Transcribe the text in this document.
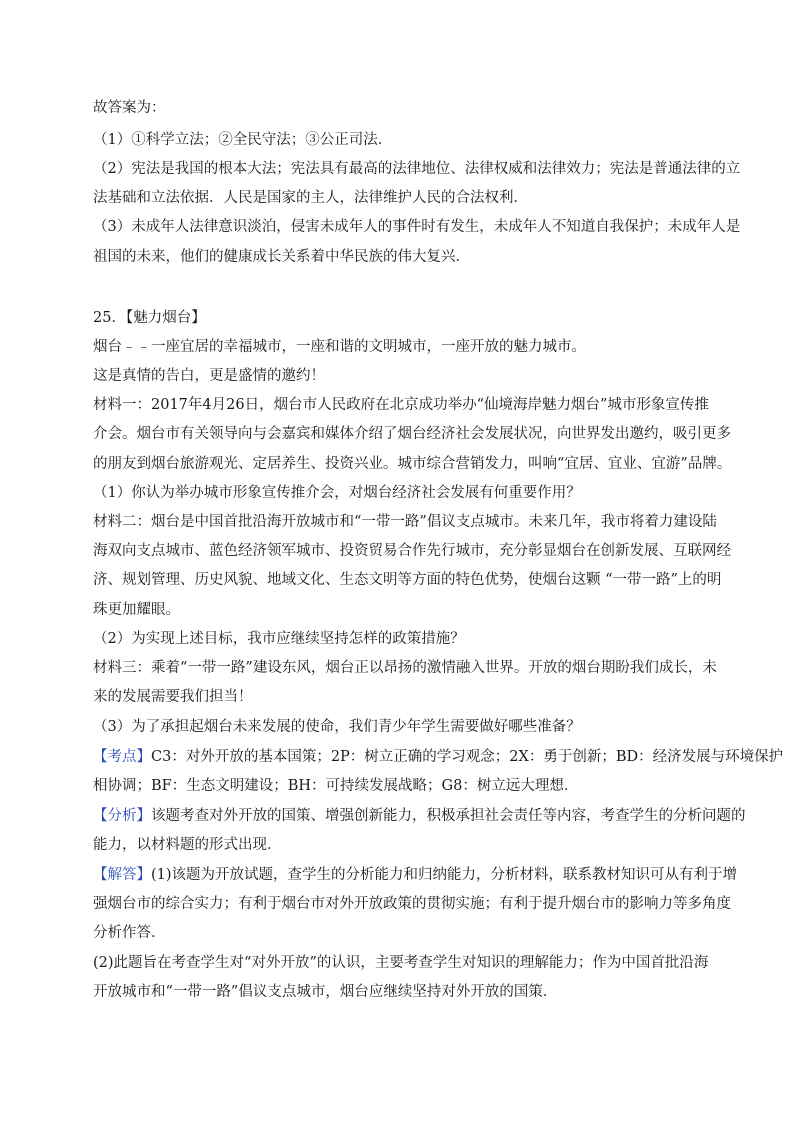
故答案为：
（1）①科学立法；②全民守法；③公正司法．
（2）宪法是我国的根本大法；宪法具有最高的法律地位、法律权威和法律效力；宪法是普通法律的立
法基础和立法依据．人民是国家的主人，法律维护人民的合法权利．
（3）未成年人法律意识淡泊，侵害未成年人的事件时有发生，未成年人不知道自我保护；未成年人是
祖国的未来，他们的健康成长关系着中华民族的伟大复兴．
25．【魅力烟台】
烟台﹣﹣一座宜居的幸福城市，一座和谐的文明城市，一座开放的魅力城市。
这是真情的告白，更是盛情的邀约！
材料一：2017年4月26日，烟台市人民政府在北京成功举办“仙境海岸魅力烟台”城市形象宣传推
介会。烟台市有关领导向与会嘉宾和媒体介绍了烟台经济社会发展状况，向世界发出邀约，吸引更多
的朋友到烟台旅游观光、定居养生、投资兴业。城市综合营销发力，叫响“宜居、宜业、宜游”品牌。
（1）你认为举办城市形象宣传推介会，对烟台经济社会发展有何重要作用？
材料二：烟台是中国首批沿海开放城市和“一带一路”倡议支点城市。未来几年，我市将着力建设陆
海双向支点城市、蓝色经济领军城市、投资贸易合作先行城市，充分彰显烟台在创新发展、互联网经
济、规划管理、历史风貌、地域文化、生态文明等方面的特色优势，使烟台这颗 “一带一路”上的明
珠更加耀眼。
（2）为实现上述目标，我市应继续坚持怎样的政策措施？
材料三：乘着“一带一路”建设东风，烟台正以昂扬的激情融入世界。开放的烟台期盼我们成长，未
来的发展需要我们担当！
（3）为了承担起烟台未来发展的使命，我们青少年学生需要做好哪些准备？
【考点】C3：对外开放的基本国策；2P：树立正确的学习观念；2X：勇于创新；BD：经济发展与环境保护
相协调；BF：生态文明建设；BH：可持续发展战略；G8：树立远大理想．
【分析】该题考查对外开放的国策、增强创新能力，积极承担社会责任等内容，考查学生的分析问题的
能力，以材料题的形式出现．
【解答】(1)该题为开放试题，查学生的分析能力和归纳能力，分析材料，联系教材知识可从有利于增
强烟台市的综合实力；有利于烟台市对外开放政策的贯彻实施；有利于提升烟台市的影响力等多角度
分析作答．
(2)此题旨在考查学生对“对外开放”的认识，主要考查学生对知识的理解能力；作为中国首批沿海
开放城市和“一带一路”倡议支点城市，烟台应继续坚持对外开放的国策．
